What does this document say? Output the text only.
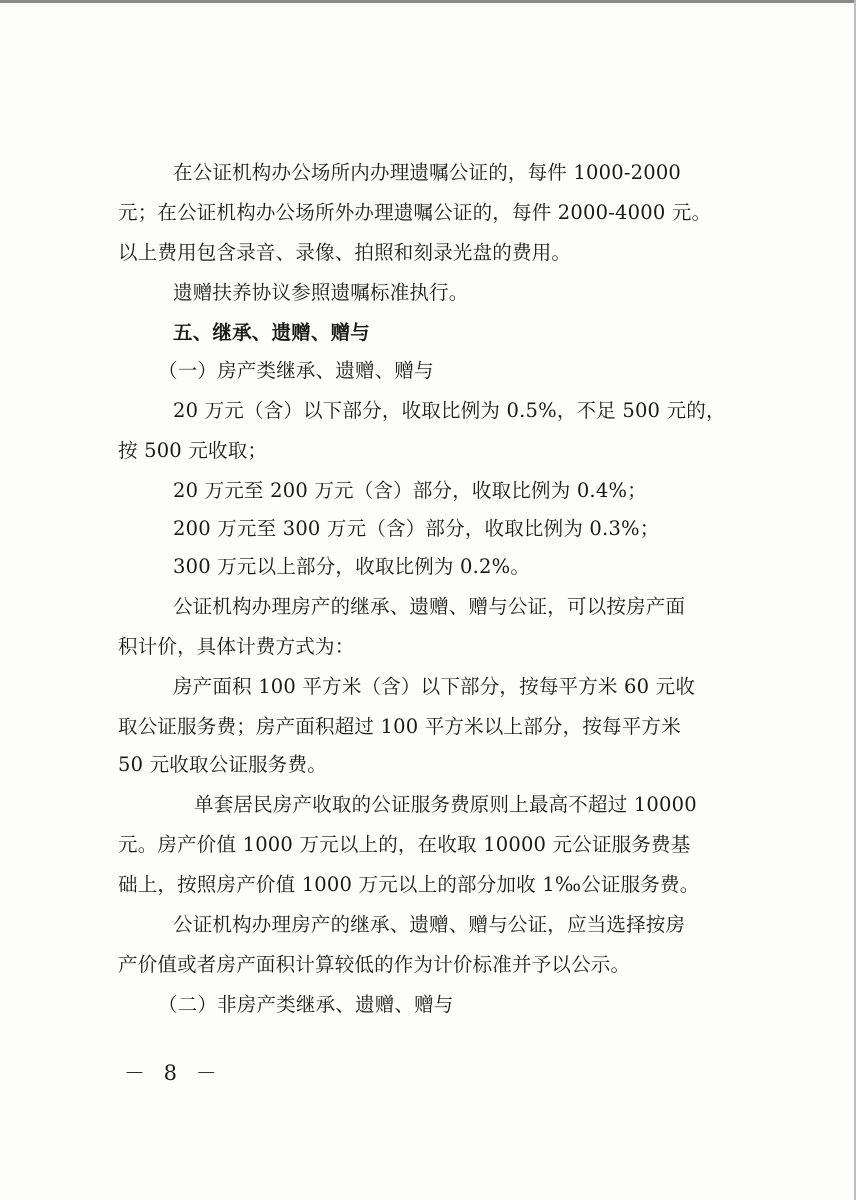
在公证机构办公场所内办理遗嘱公证的，每件 1000-2000
元；在公证机构办公场所外办理遗嘱公证的，每件 2000-4000 元。
以上费用包含录音、录像、拍照和刻录光盘的费用。
遗赠扶养协议参照遗嘱标准执行。
五、继承、遗赠、赠与
（一）房产类继承、遗赠、赠与
20 万元（含）以下部分，收取比例为 0.5%，不足 500 元的，
按 500 元收取；
20 万元至 200 万元（含）部分，收取比例为 0.4%；
200 万元至 300 万元（含）部分，收取比例为 0.3%；
300 万元以上部分，收取比例为 0.2%。
公证机构办理房产的继承、遗赠、赠与公证，可以按房产面
积计价，具体计费方式为：
房产面积 100 平方米（含）以下部分，按每平方米 60 元收
取公证服务费；房产面积超过 100 平方米以上部分，按每平方米
50 元收取公证服务费。
单套居民房产收取的公证服务费原则上最高不超过 10000
元。房产价值 1000 万元以上的，在收取 10000 元公证服务费基
础上，按照房产价值 1000 万元以上的部分加收 1‰公证服务费。
公证机构办理房产的继承、遗赠、赠与公证，应当选择按房
产价值或者房产面积计算较低的作为计价标准并予以公示。
（二）非房产类继承、遗赠、赠与
－ 8 －
